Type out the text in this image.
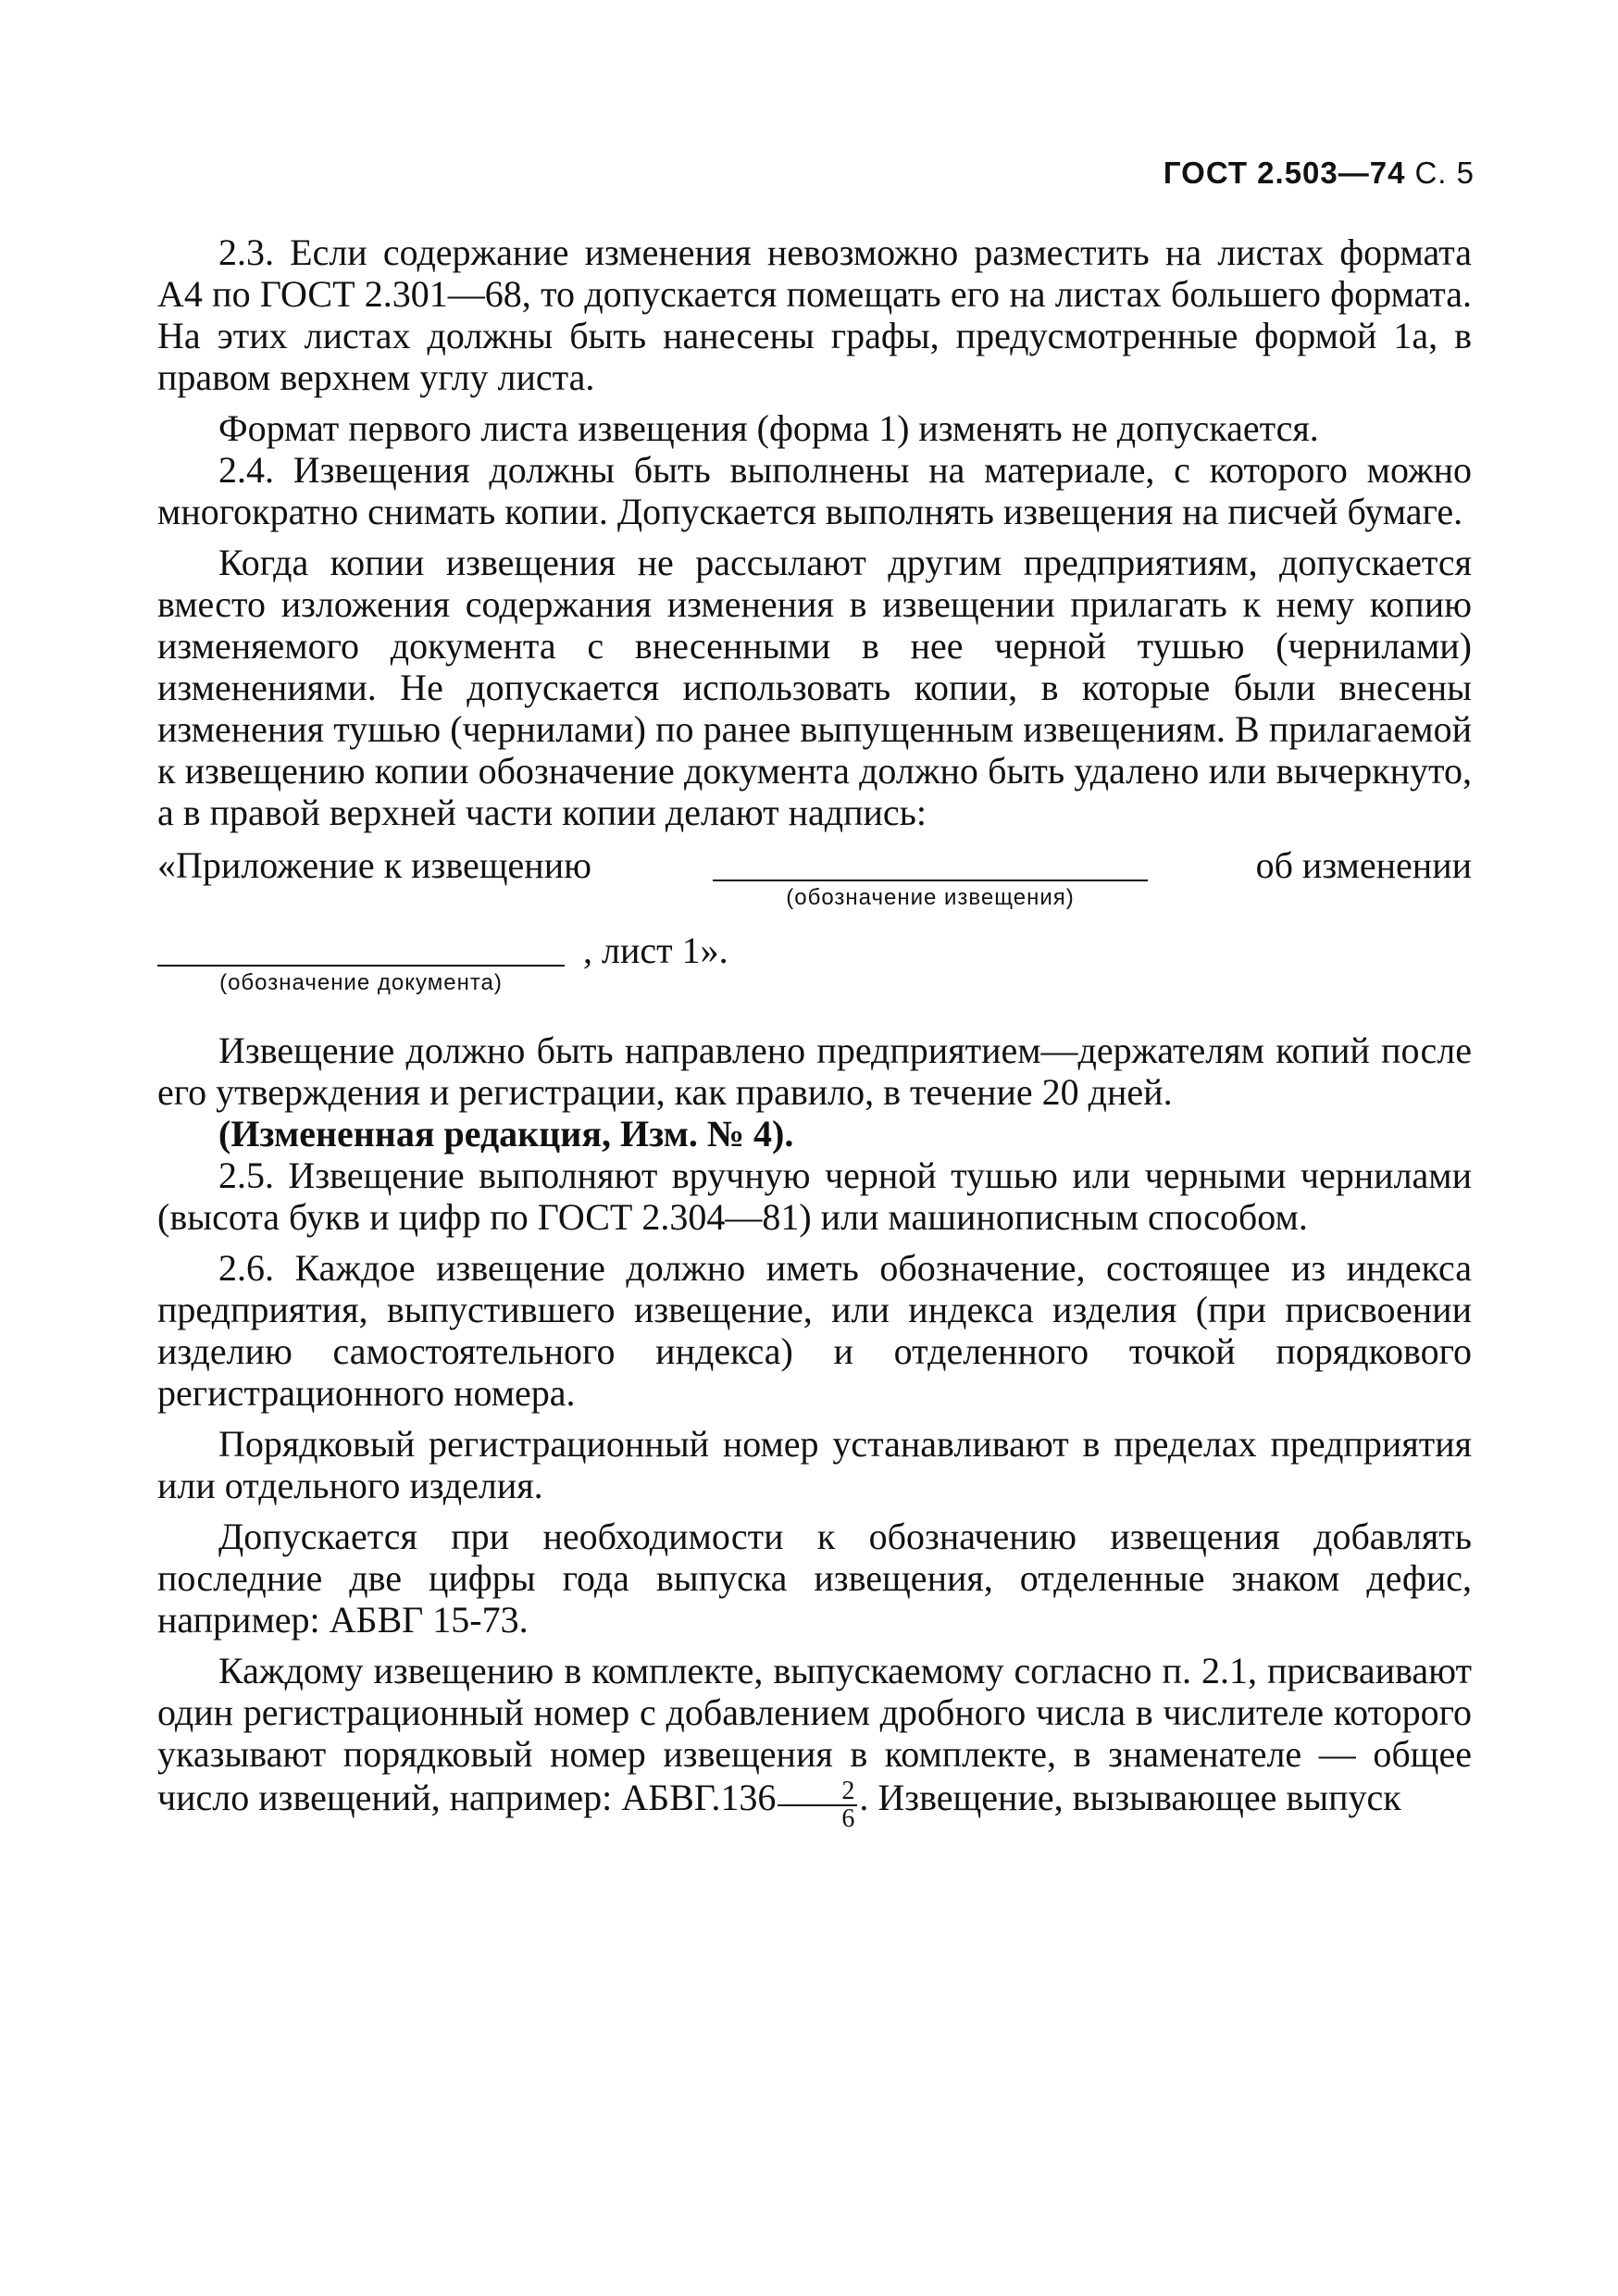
ГОСТ 2.503—74 С. 5

2.3. Если содержание изменения невозможно разместить на листах формата А4 по ГОСТ 2.301—68, то допускается помещать его на листах большего формата. На этих листах должны быть нанесены графы, предусмотренные формой 1а, в правом верхнем углу листа.

Формат первого листа извещения (форма 1) изменять не допускается.

2.4. Извещения должны быть выполнены на материале, с которого можно многократно снимать копии. Допускается выполнять извещения на писчей бумаге.

Когда копии извещения не рассылают другим предприятиям, допускается вместо изложения содержания изменения в извещении прилагать к нему копию изменяемого документа с внесенными в нее черной тушью (чернилами) изменениями. Не допускается использовать копии, в которые были внесены изменения тушью (чернилами) по ранее выпущенным извещениям. В прилагаемой к извещению копии обозначение документа должно быть удалено или вычеркнуто, а в правой верхней части копии делают надпись:

«Приложение к извещению
(обозначение извещения)
об изменении
(обозначение документа)
, лист 1».

Извещение должно быть направлено предприятием—держателям копий после его утверждения и регистрации, как правило, в течение 20 дней.

(Измененная редакция, Изм. № 4).

2.5. Извещение выполняют вручную черной тушью или черными чернилами (высота букв и цифр по ГОСТ 2.304—81) или машинописным способом.

2.6. Каждое извещение должно иметь обозначение, состоящее из индекса предприятия, выпустившего извещение, или индекса изделия (при присвоении изделию самостоятельного индекса) и отделенного точкой порядкового регистрационного номера.

Порядковый регистрационный номер устанавливают в пределах предприятия или отдельного изделия.

Допускается при необходимости к обозначению извещения добавлять последние две цифры года выпуска извещения, отделенные знаком дефис, например: АБВГ 15-73.

Каждому извещению в комплекте, выпускаемому согласно п. 2.1, присваивают один регистрационный номер с добавлением дробного числа в числителе которого указывают порядковый номер извещения в комплекте, в знаменателе — общее число извещений, например: АБВГ.136 $\frac{2}{6}$ . Извещение, вызывающее выпуск
